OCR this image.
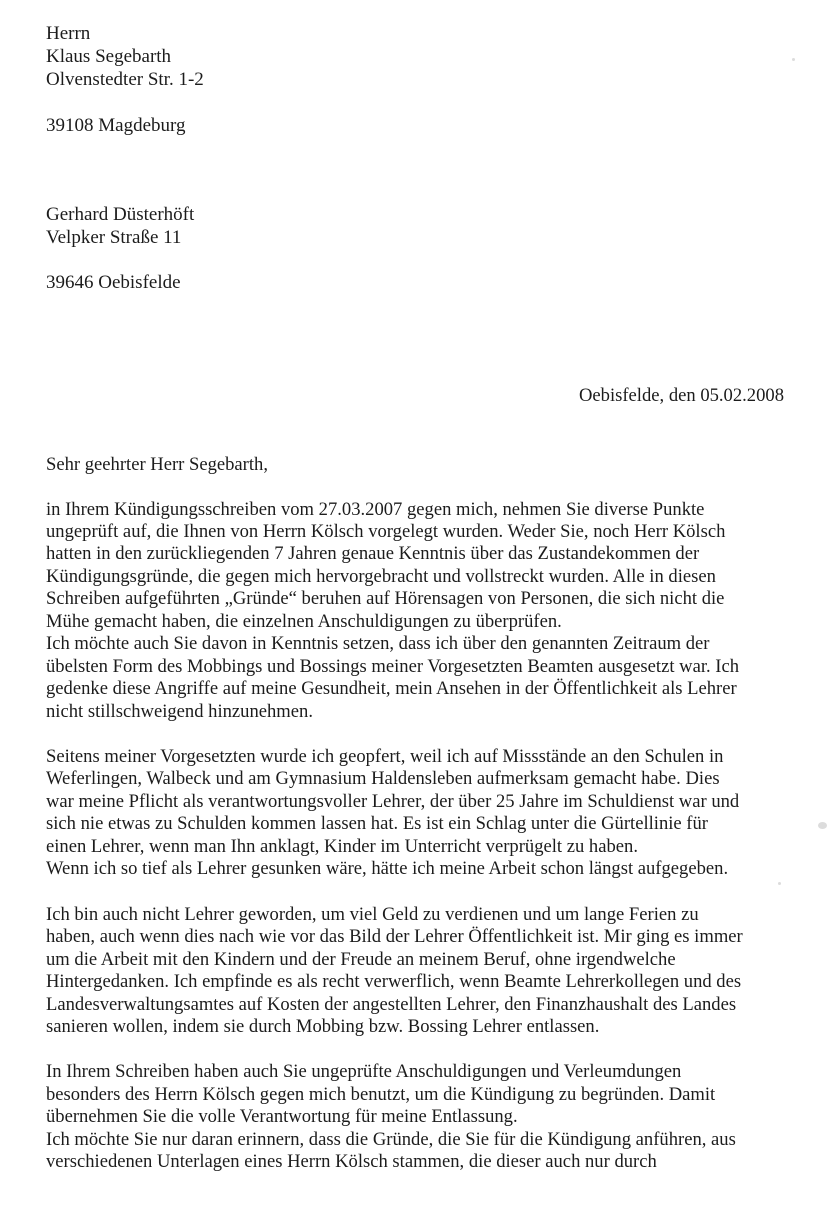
Herrn
Klaus Segebarth
Olvenstedter Str. 1-2
39108 Magdeburg
Gerhard Düsterhöft
Velpker Straße 11
39646 Oebisfelde
Oebisfelde, den 05.02.2008
Sehr geehrter Herr Segebarth,
in Ihrem Kündigungsschreiben vom 27.03.2007 gegen mich, nehmen Sie diverse Punkte
ungeprüft auf, die Ihnen von Herrn Kölsch vorgelegt wurden. Weder Sie, noch Herr Kölsch
hatten in den zurückliegenden 7 Jahren genaue Kenntnis über das Zustandekommen der
Kündigungsgründe, die gegen mich hervorgebracht und vollstreckt wurden. Alle in diesen
Schreiben aufgeführten „Gründe“ beruhen auf Hörensagen von Personen, die sich nicht die
Mühe gemacht haben, die einzelnen Anschuldigungen zu überprüfen.
Ich möchte auch Sie davon in Kenntnis setzen, dass ich über den genannten Zeitraum der
übelsten Form des Mobbings und Bossings meiner Vorgesetzten Beamten ausgesetzt war. Ich
gedenke diese Angriffe auf meine Gesundheit, mein Ansehen in der Öffentlichkeit als Lehrer
nicht stillschweigend hinzunehmen.
Seitens meiner Vorgesetzten wurde ich geopfert, weil ich auf Missstände an den Schulen in
Weferlingen, Walbeck und am Gymnasium Haldensleben aufmerksam gemacht habe. Dies
war meine Pflicht als verantwortungsvoller Lehrer, der über 25 Jahre im Schuldienst war und
sich nie etwas zu Schulden kommen lassen hat. Es ist ein Schlag unter die Gürtellinie für
einen Lehrer, wenn man Ihn anklagt, Kinder im Unterricht verprügelt zu haben.
Wenn ich so tief als Lehrer gesunken wäre, hätte ich meine Arbeit schon längst aufgegeben.
Ich bin auch nicht Lehrer geworden, um viel Geld zu verdienen und um lange Ferien zu
haben, auch wenn dies nach wie vor das Bild der Lehrer Öffentlichkeit ist. Mir ging es immer
um die Arbeit mit den Kindern und der Freude an meinem Beruf, ohne irgendwelche
Hintergedanken. Ich empfinde es als recht verwerflich, wenn Beamte Lehrerkollegen und des
Landesverwaltungsamtes auf Kosten der angestellten Lehrer, den Finanzhaushalt des Landes
sanieren wollen, indem sie durch Mobbing bzw. Bossing Lehrer entlassen.
In Ihrem Schreiben haben auch Sie ungeprüfte Anschuldigungen und Verleumdungen
besonders des Herrn Kölsch gegen mich benutzt, um die Kündigung zu begründen. Damit
übernehmen Sie die volle Verantwortung für meine Entlassung.
Ich möchte Sie nur daran erinnern, dass die Gründe, die Sie für die Kündigung anführen, aus
verschiedenen Unterlagen eines Herrn Kölsch stammen, die dieser auch nur durch
